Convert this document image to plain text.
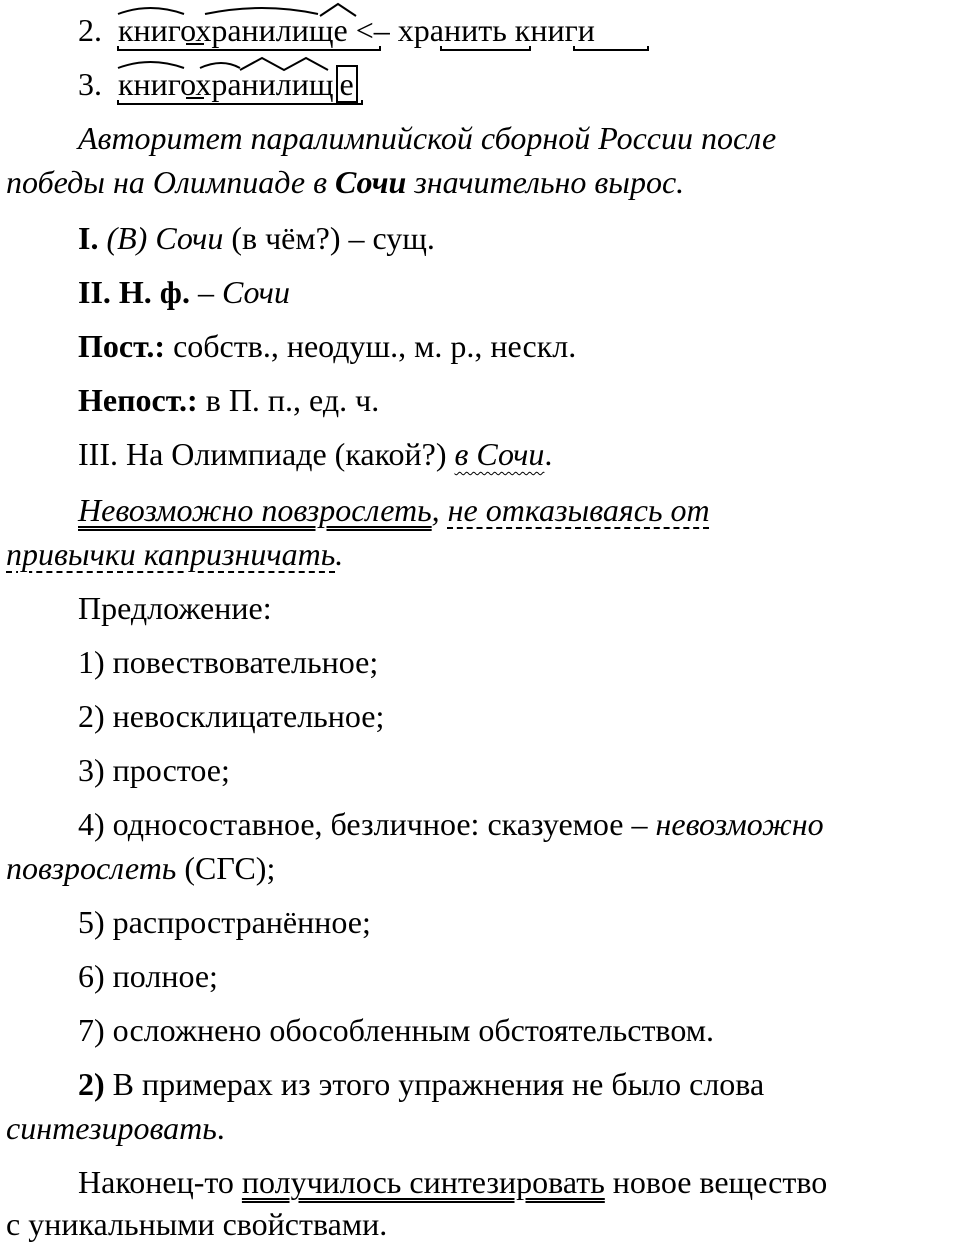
2. книгохранилище <– хранить книги
3. книгохранилищ е
Авторитет паралимпийской сборной России после
победы на Олимпиаде в Сочи значительно вырос.
I. (В) Сочи (в чём?) – сущ.
II. Н. ф. – Сочи
Пост.: собств., неодуш., м. р., нескл.
Непост.: в П. п., ед. ч.
III. На Олимпиаде (какой?) в Сочи.
Невозможно повзрослеть, не отказываясь от
привычки капризничать.
Предложение:
1) повествовательное;
2) невосклицательное;
3) простое;
4) односоставное, безличное: сказуемое – невозможно
повзрослеть (СГС);
5) распространённое;
6) полное;
7) осложнено обособленным обстоятельством.
2) В примерах из этого упражнения не было слова
синтезировать.
Наконец-то получилось синтезировать новое вещество
с уникальными свойствами.
